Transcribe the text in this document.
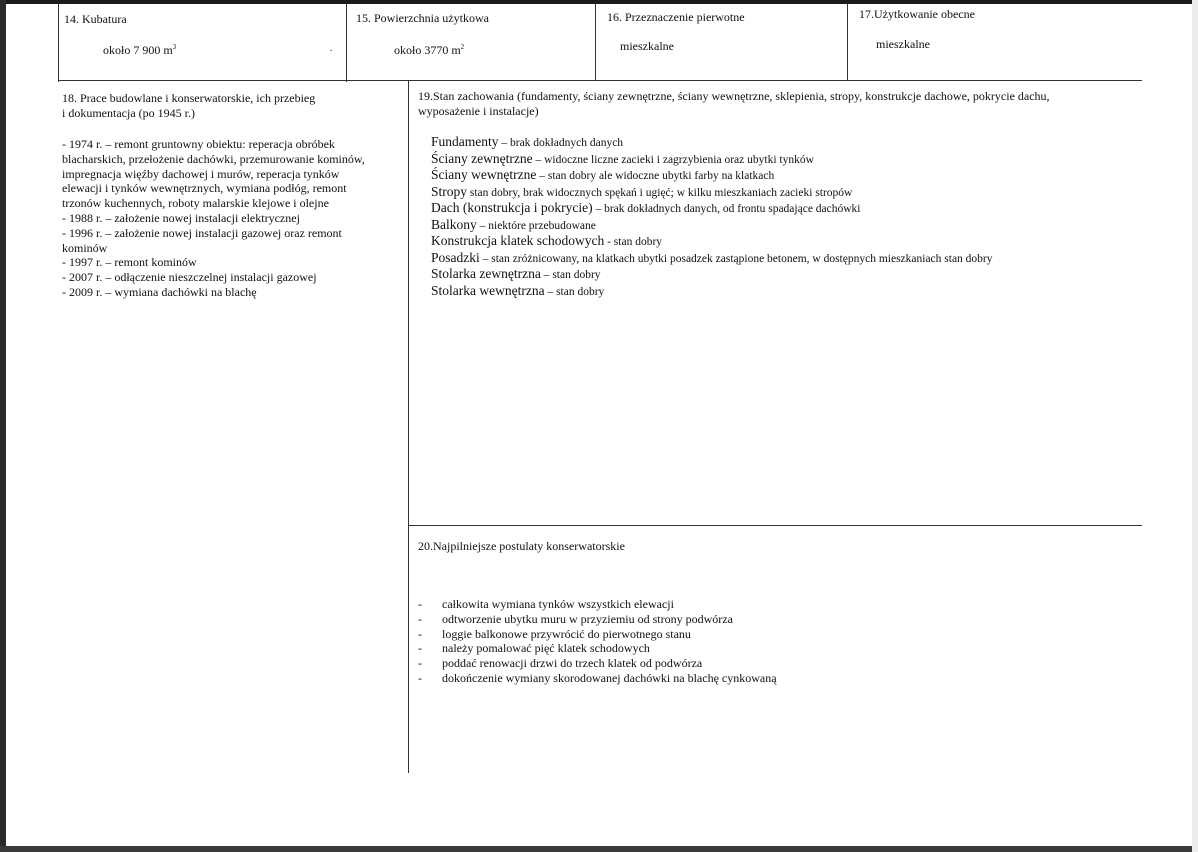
14. Kubatura
około 7 900 $m^3$	.
15. Powierzchnia użytkowa
około 3770 $m^2$
16. Przeznaczenie pierwotne
mieszkalne
17.Użytkowanie obecne
mieszkalne
18. Prace budowlane i konserwatorskie, ich przebieg
i dokumentacja (po 1945 r.)
- 1974 r. – remont gruntowny obiektu: reperacja obróbek
blacharskich, przełożenie dachówki, przemurowanie kominów,
impregnacja więźby dachowej i murów, reperacja tynków
elewacji i tynków wewnętrznych, wymiana podłóg, remont
trzonów kuchennych, roboty malarskie klejowe i olejne
- 1988 r. – założenie nowej instalacji elektrycznej
- 1996 r. – założenie nowej instalacji gazowej oraz remont
kominów
- 1997 r. – remont kominów
- 2007 r. – odłączenie nieszczelnej instalacji gazowej
- 2009 r. – wymiana dachówki na blachę
19.Stan zachowania (fundamenty, ściany zewnętrzne, ściany wewnętrzne, sklepienia, stropy, konstrukcje dachowe, pokrycie dachu,
wyposażenie i instalacje)
Fundamenty – brak dokładnych danych
Ściany zewnętrzne – widoczne liczne zacieki i zagrzybienia oraz ubytki tynków
Ściany wewnętrzne – stan dobry ale widoczne ubytki farby na klatkach
Stropy stan dobry, brak widocznych spękań i ugięć; w kilku mieszkaniach zacieki stropów
Dach (konstrukcja i pokrycie) – brak dokładnych danych, od frontu spadające dachówki
Balkony – niektóre przebudowane
Konstrukcja klatek schodowych - stan dobry
Posadzki – stan zróżnicowany, na klatkach ubytki posadzek zastąpione betonem, w dostępnych mieszkaniach stan dobry
Stolarka zewnętrzna – stan dobry
Stolarka wewnętrzna – stan dobry
20.Najpilniejsze postulaty konserwatorskie
- całkowita wymiana tynków wszystkich elewacji
- odtworzenie ubytku muru w przyziemiu od strony podwórza
- loggie balkonowe przywrócić do pierwotnego stanu
- należy pomalować pięć klatek schodowych
- poddać renowacji drzwi do trzech klatek od podwórza
- dokończenie wymiany skorodowanej dachówki na blachę cynkowaną
